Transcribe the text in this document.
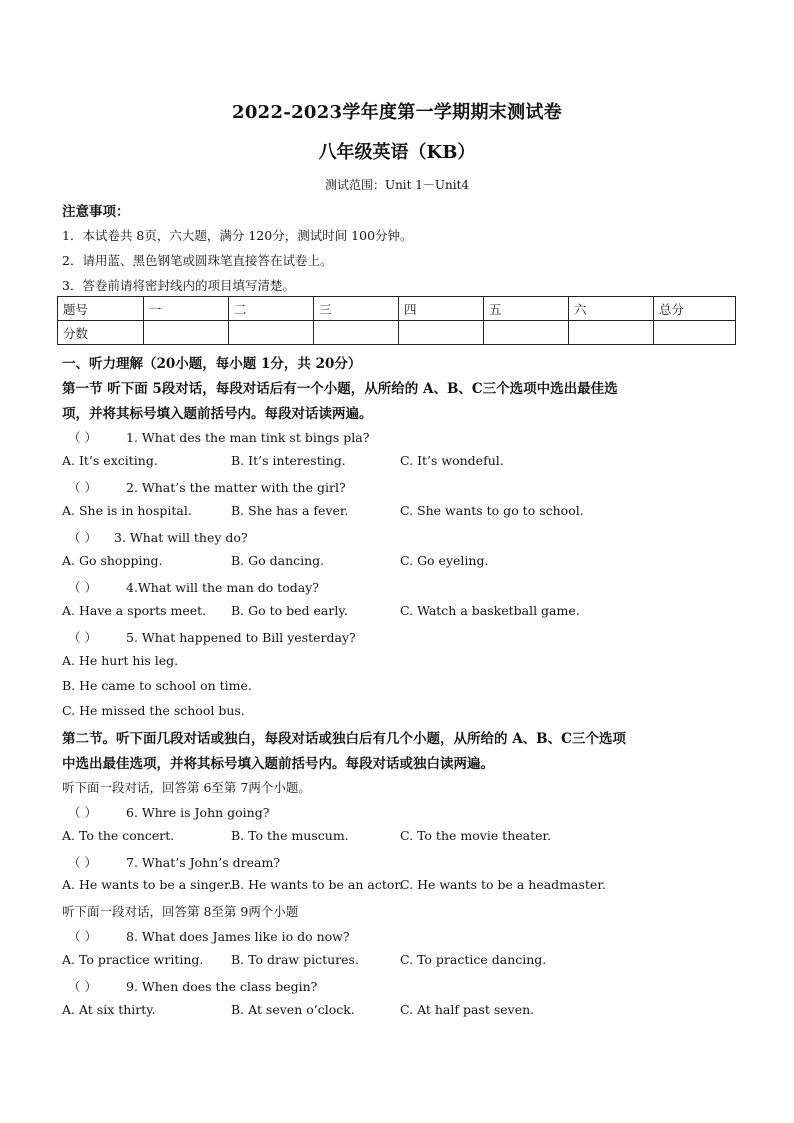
2022-2023学年度第一学期期末测试卷
八年级英语（KB）
测试范围：Unit 1－Unit4
注意事项：
1．本试卷共 8页，六大题，满分 120分，测试时间 100分钟。
2．请用蓝、黑色钢笔或圆珠笔直接答在试卷上。
3．答卷前请将密封线内的项目填写清楚。
题号	一	二	三	四	五	六	总分
分数							
一、听力理解（20小题，每小题 1分，共 20分）
第一节 听下面 5段对话，每段对话后有一个小题，从所给的 A、B、C三个选项中选出最佳选
项，并将其标号填入题前括号内。每段对话读两遍。
（ ） 1. What des the man tink st bings pla?
A. It’s exciting.	B. It’s interesting.	C. It’s wondeful.
（ ） 2. What’s the matter with the girl?
A. She is in hospital.	B. She has a fever.	C. She wants to go to school.
（ ） 3. What will they do?
A. Go shopping.	B. Go dancing.	C. Go eyeling.
（ ） 4.What will the man do today?
A. Have a sports meet. B. Go to bed early.	C. Watch a basketball game.
（ ） 5. What happened to Bill yesterday?
A. He hurt his leg.
B. He came to school on time.
C. He missed the school bus.
第二节。听下面几段对话或独白，每段对话或独白后有几个小题，从所给的 A、B、C三个选项
中选出最佳选项，并将其标号填入题前括号内。每段对话或独白读两遍。
听下面一段对话，回答第 6至第 7两个小题。
（ ） 6. Whre is John going?
A. To the concert.	B. To the muscum.	C. To the movie theater.
（ ） 7. What’s John’s dream?
A. He wants to be a singer.
B. He wants to be an actor.
C. He wants to be a headmaster.
听下面一段对话，回答第 8至第 9两个小题
（ ） 8. What does James like io do now?
A. To practice writing. B. To draw pictures.	C. To practice dancing.
（ ） 9. When does the class begin?
A. At six thirty.	B. At seven o’clock.	C. At half past seven.
